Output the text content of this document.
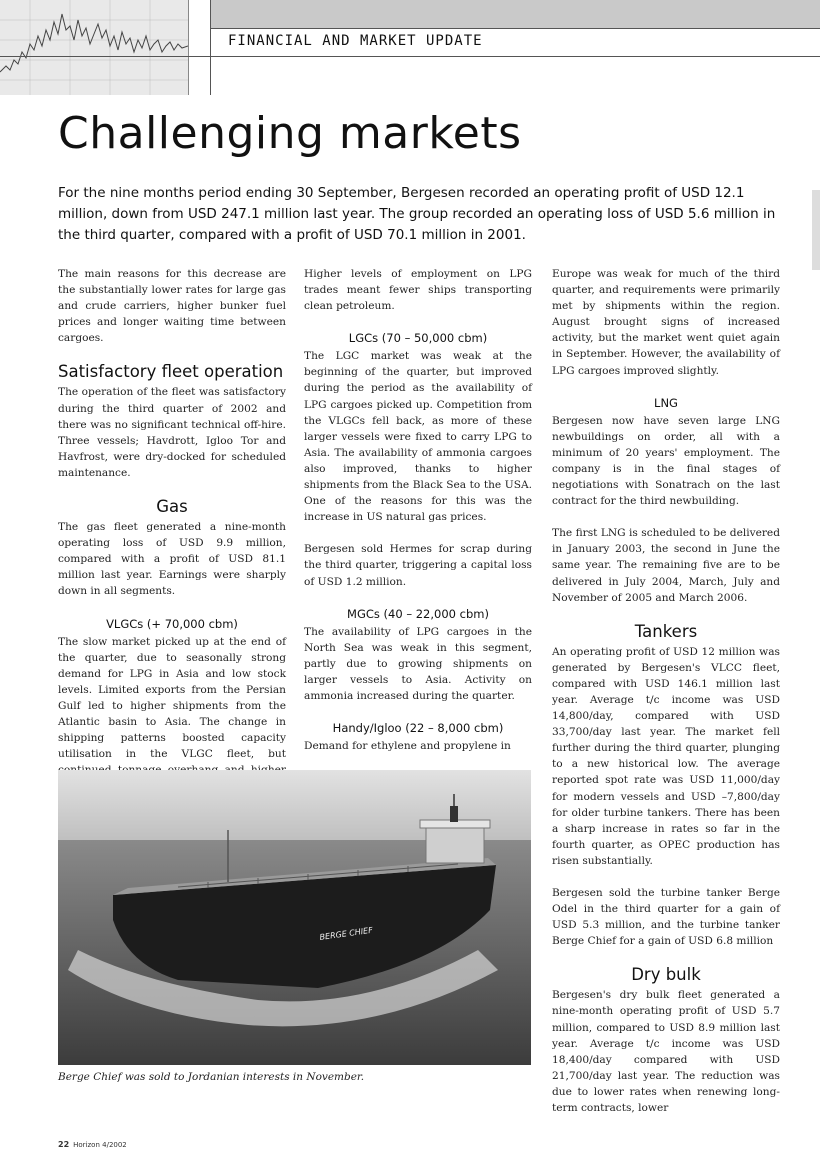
FINANCIAL AND MARKET UPDATE
Challenging markets

For the nine months period ending 30 September, Bergesen recorded an operating profit of USD 12.1 million, down from USD 247.1 million last year. The group recorded an operating loss of USD 5.6 million in the third quarter, compared with a profit of USD 70.1 million in 2001.

The main reasons for this decrease are the substantially lower rates for large gas and crude carriers, higher bunker fuel prices and longer waiting time between cargoes.

Satisfactory fleet operation

The operation of the fleet was satisfactory during the third quarter of 2002 and there was no significant technical off-hire. Three vessels; Havdrott, Igloo Tor and Havfrost, were dry-docked for scheduled maintenance.

Gas

The gas fleet generated a nine-month operating loss of USD 9.9 million, compared with a profit of USD 81.1 million last year. Earnings were sharply down in all segments.

VLGCs (+ 70,000 cbm)

The slow market picked up at the end of the quarter, due to seasonally strong demand for LPG in Asia and low stock levels. Limited exports from the Persian Gulf led to higher shipments from the Atlantic basin to Asia. The change in shipping patterns boosted capacity utilisation in the VLGC fleet, but

Higher levels of employment on LPG trades meant fewer ships transporting clean petroleum.

LGCs (70 – 50,000 cbm)

The LGC market was weak at the beginning of the quarter, but improved during the period as the availability of LPG cargoes picked up. Competition from the VLGCs fell back, as more of these larger vessels were fixed to carry LPG to Asia. The availability of ammonia cargoes also improved, thanks to higher shipments from the Black Sea to the USA. One of the reasons for this was the increase in US natural gas prices.

Bergesen sold Hermes for scrap during the third quarter, triggering a capital loss of USD 1.2 million.

MGCs (40 – 22,000 cbm)

The availability of LPG cargoes in the North Sea was weak in this segment, partly due to growing shipments on larger vessels to Asia. Activity on ammonia increased during the quarter.

Handy/Igloo (22 – 8,000 cbm)

Demand for ethylene and propylene in

Europe was weak for much of the third quarter, and requirements were primarily met by shipments within the region. August brought signs of increased activity, but the market went quiet again in September. However, the availability of LPG cargoes improved slightly.

LNG

Bergesen now have seven large LNG newbuildings on order, all with a minimum of 20 years' employment. The company is in the final stages of negotiations with Sonatrach on the last contract for the third newbuilding.

The first LNG is scheduled to be delivered in January 2003, the second in June the same year. The remaining five are to be delivered in July 2004, March, July and November of 2005 and March 2006.

Tankers

An operating profit of USD 12 million was generated by Bergesen's VLCC fleet, compared with USD 146.1 million last year. Average t/c income was USD 14,800/day, compared with USD 33,700/day last year. The market fell further during the third quarter, plunging to a new historical low. The average reported spot rate was USD 11,000/day for modern vessels and USD –7,800/day for older turbine tankers. There has been a sharp increase in rates so far in the fourth quarter, as OPEC production has risen substantially.

Bergesen sold the turbine tanker Berge Odel in the third quarter for a gain of USD 5.3 million, and the turbine tanker Berge Chief for a gain of USD 6.8 million

Dry bulk

Bergesen's dry bulk fleet generated a nine-month operating profit of USD 5.7 million, compared to USD 8.9 million last year. Average t/c income was USD 18,400/day compared with USD 21,700/day last year. The reduction was due to lower rates when renewing long-term contracts, lower

BERGE CHIEF
Berge Chief was sold to Jordanian interests in November.
22 Horizon 4/2002
